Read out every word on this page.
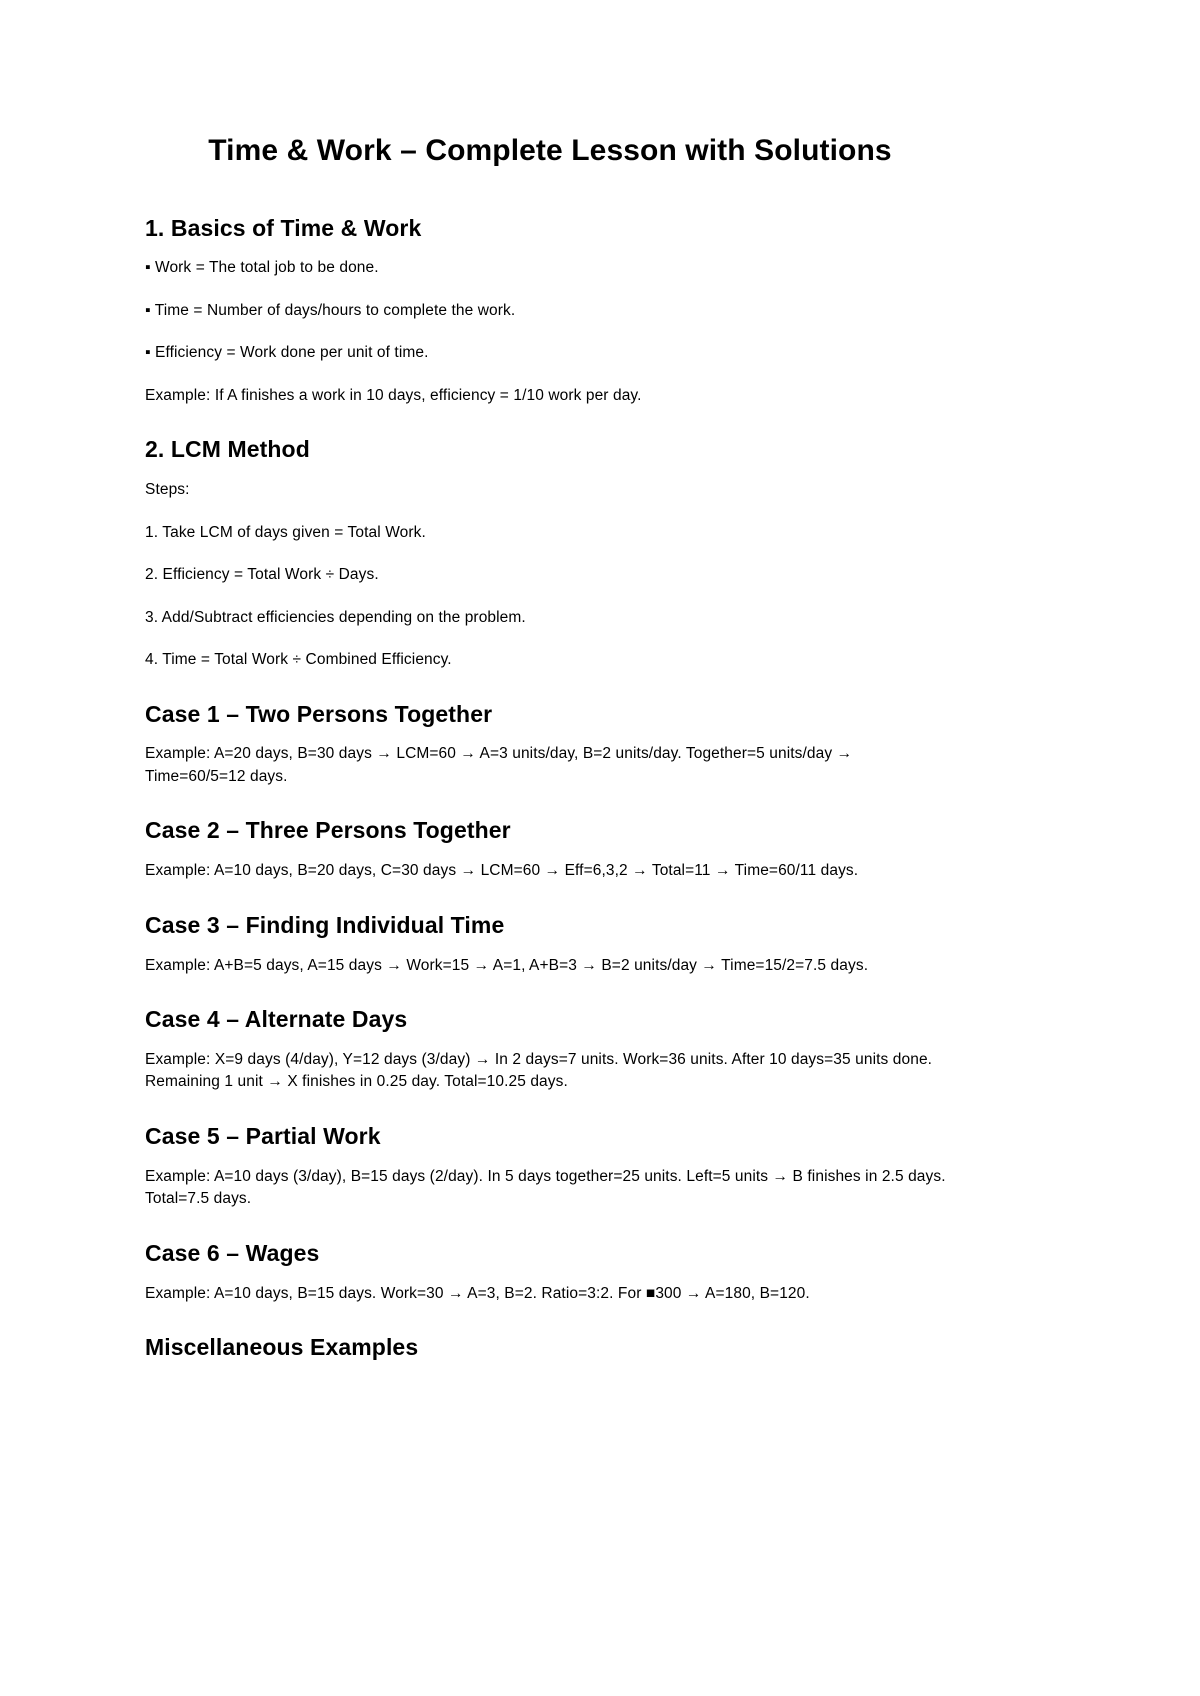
Time & Work – Complete Lesson with Solutions
1. Basics of Time & Work

▪ Work = The total job to be done.

▪ Time = Number of days/hours to complete the work.

▪ Efficiency = Work done per unit of time.

Example: If A finishes a work in 10 days, efficiency = 1/10 work per day.

2. LCM Method

Steps:

1. Take LCM of days given = Total Work.

2. Efficiency = Total Work ÷ Days.

3. Add/Subtract efficiencies depending on the problem.

4. Time = Total Work ÷ Combined Efficiency.

Case 1 – Two Persons Together

Example: A=20 days, B=30 days → LCM=60 → A=3 units/day, B=2 units/day. Together=5 units/day → Time=60/5=12 days.

Case 2 – Three Persons Together

Example: A=10 days, B=20 days, C=30 days → LCM=60 → Eff=6,3,2 → Total=11 → Time=60/11 days.

Case 3 – Finding Individual Time

Example: A+B=5 days, A=15 days → Work=15 → A=1, A+B=3 → B=2 units/day → Time=15/2=7.5 days.

Case 4 – Alternate Days

Example: X=9 days (4/day), Y=12 days (3/day) → In 2 days=7 units. Work=36 units. After 10 days=35 units done. Remaining 1 unit → X finishes in 0.25 day. Total=10.25 days.

Case 5 – Partial Work

Example: A=10 days (3/day), B=15 days (2/day). In 5 days together=25 units. Left=5 units → B finishes in 2.5 days. Total=7.5 days.

Case 6 – Wages

Example: A=10 days, B=15 days. Work=30 → A=3, B=2. Ratio=3:2. For ■300 → A=180, B=120.

Miscellaneous Examples
